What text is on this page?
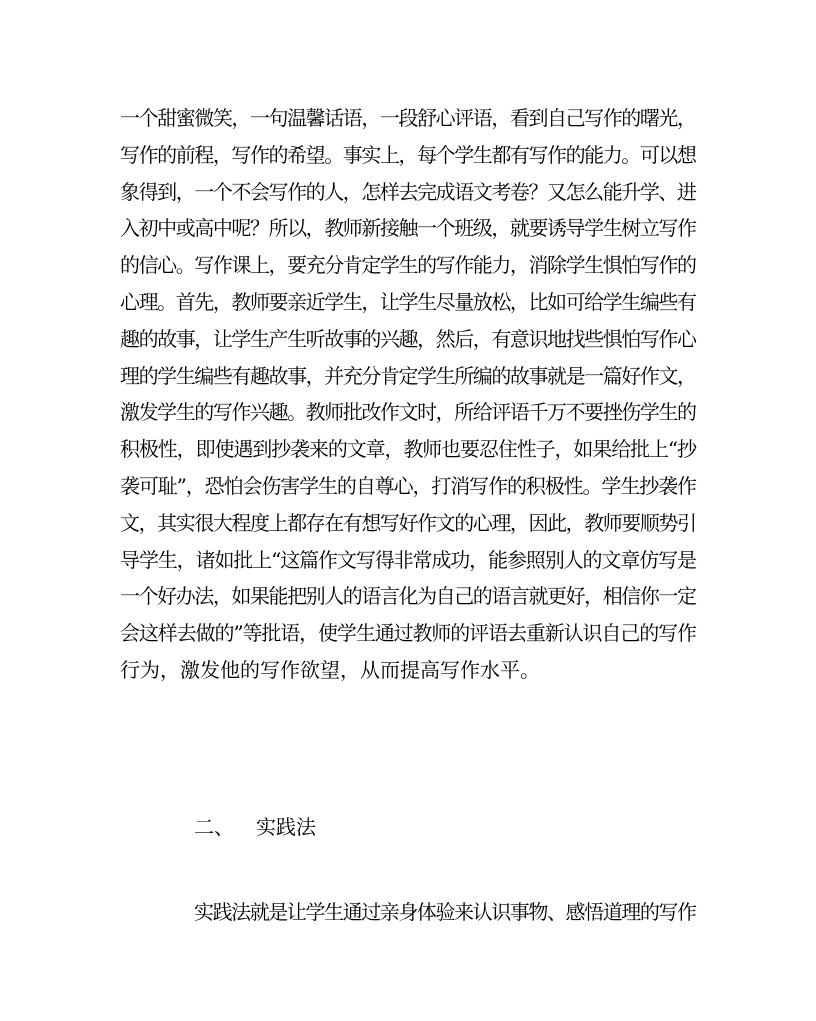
一个甜蜜微笑，一句温馨话语，一段舒心评语，看到自己写作的曙光，
写作的前程，写作的希望。事实上，每个学生都有写作的能力。可以想
象得到，一个不会写作的人，怎样去完成语文考卷？又怎么能升学、进
入初中或高中呢？所以，教师新接触一个班级，就要诱导学生树立写作
的信心。写作课上，要充分肯定学生的写作能力，消除学生惧怕写作的
心理。首先，教师要亲近学生，让学生尽量放松，比如可给学生编些有
趣的故事，让学生产生听故事的兴趣，然后，有意识地找些惧怕写作心
理的学生编些有趣故事，并充分肯定学生所编的故事就是一篇好作文，
激发学生的写作兴趣。教师批改作文时，所给评语千万不要挫伤学生的
积极性，即使遇到抄袭来的文章，教师也要忍住性子，如果给批上“抄
袭可耻”，恐怕会伤害学生的自尊心，打消写作的积极性。学生抄袭作
文，其实很大程度上都存在有想写好作文的心理，因此，教师要顺势引
导学生，诸如批上“这篇作文写得非常成功，能参照别人的文章仿写是
一个好办法，如果能把别人的语言化为自己的语言就更好，相信你一定
会这样去做的”等批语，使学生通过教师的评语去重新认识自己的写作
行为，激发他的写作欲望，从而提高写作水平。
二、 实践法
实践法就是让学生通过亲身体验来认识事物、感悟道理的写作
